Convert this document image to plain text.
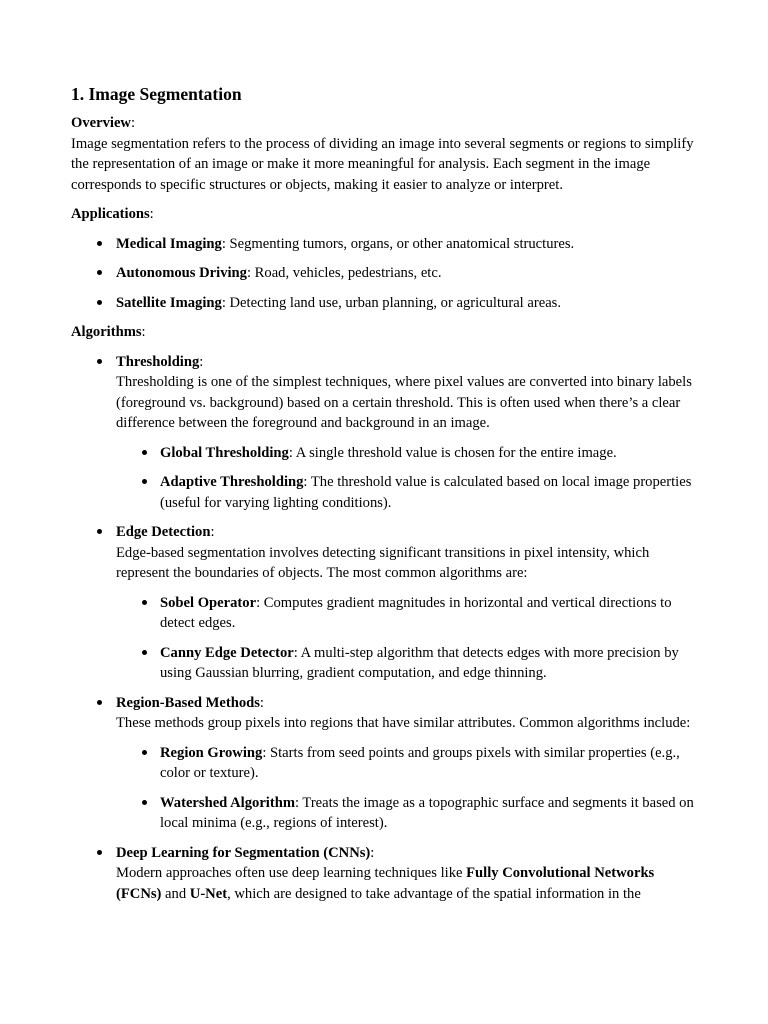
1. Image Segmentation

Overview:

Image segmentation refers to the process of dividing an image into several segments or regions to simplify the representation of an image or make it more meaningful for analysis. Each segment in the image corresponds to specific structures or objects, making it easier to analyze or interpret.

Applications:

Medical Imaging: Segmenting tumors, organs, or other anatomical structures.
Autonomous Driving: Road, vehicles, pedestrians, etc.
Satellite Imaging: Detecting land use, urban planning, or agricultural areas.

Algorithms:

Thresholding:
Thresholding is one of the simplest techniques, where pixel values are converted into binary labels (foreground vs. background) based on a certain threshold. This is often used when there’s a clear difference between the foreground and background in an image.
Global Thresholding: A single threshold value is chosen for the entire image.
Adaptive Thresholding: The threshold value is calculated based on local image properties (useful for varying lighting conditions).
Edge Detection:
Edge-based segmentation involves detecting significant transitions in pixel intensity, which represent the boundaries of objects. The most common algorithms are:
Sobel Operator: Computes gradient magnitudes in horizontal and vertical directions to detect edges.
Canny Edge Detector: A multi-step algorithm that detects edges with more precision by using Gaussian blurring, gradient computation, and edge thinning.
Region-Based Methods:
These methods group pixels into regions that have similar attributes. Common algorithms include:
Region Growing: Starts from seed points and groups pixels with similar properties (e.g., color or texture).
Watershed Algorithm: Treats the image as a topographic surface and segments it based on local minima (e.g., regions of interest).
Deep Learning for Segmentation (CNNs):
Modern approaches often use deep learning techniques like Fully Convolutional Networks (FCNs) and U-Net, which are designed to take advantage of the spatial information in the
